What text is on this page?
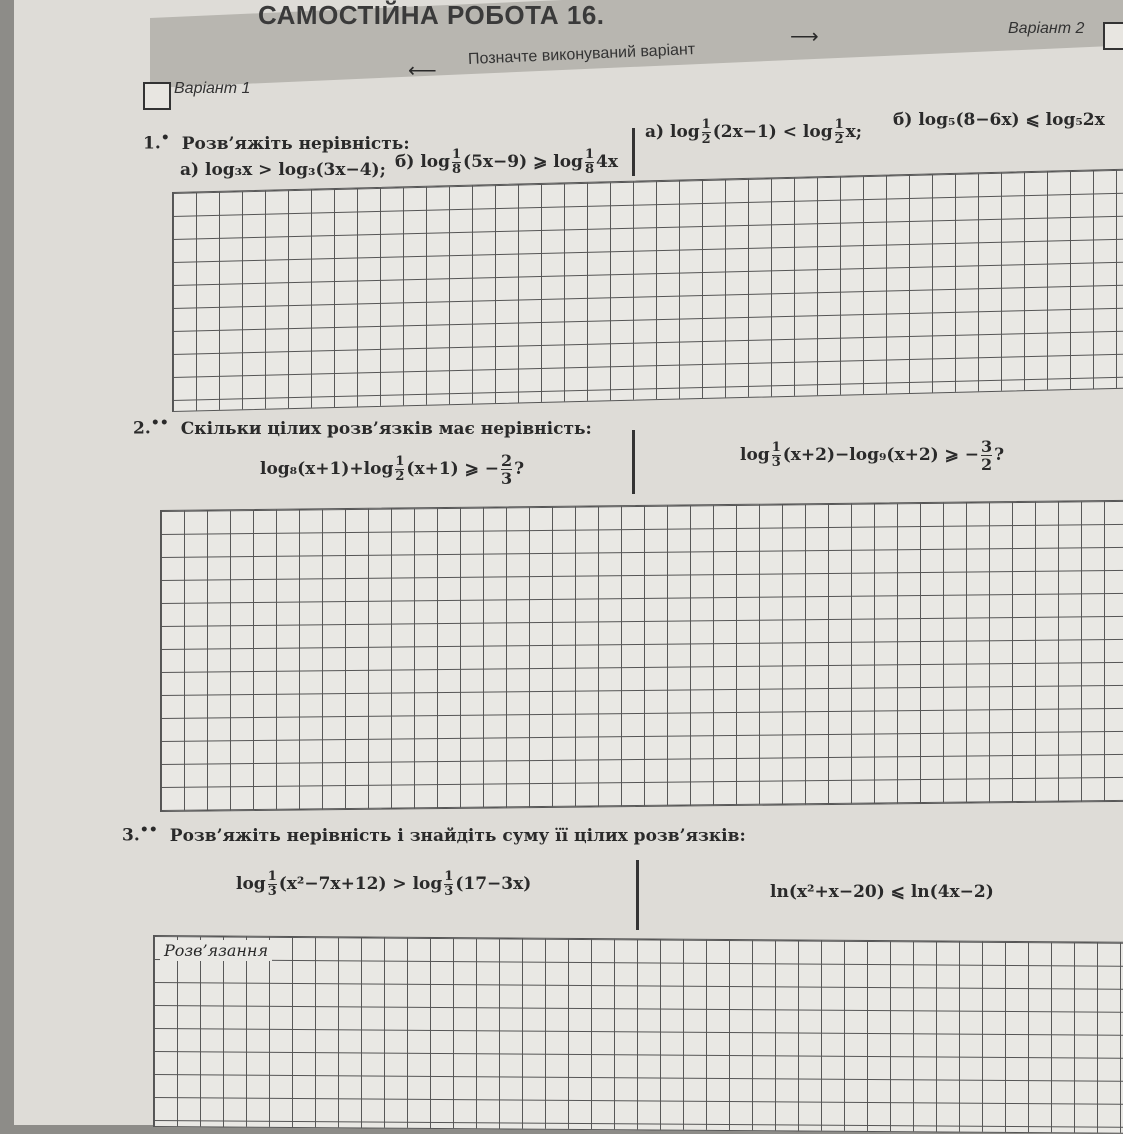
САМОСТІЙНА РОБОТА 16.
Варіант 1
⟵
Позначте виконуваний варіант
⟶	Варіант 2
1.• Розв’яжіть нерівність:
а) log₃x > log₃(3x−4); б) $\log \frac{1}{8} (5x-9)$ ⩾ $\log \frac{1}{8} 4x$
а) $\log \frac{1}{2} (2x-1) < \log \frac{1}{2} x$;
б) log₅(8−6x) ⩽ log₅2x
2.•• Скільки цілих розв’язків має нерівність:
$\log_8(x+1)+\log \frac{1}{2} (x+1)$ ⩾ − $\frac{2}{3}$ ?
$\log \frac{1}{3} (x+2)-\log_9(x+2)$ ⩾ − $\frac{3}{2}$ ?
3.•• Розв’яжіть нерівність і знайдіть суму її цілих розв’язків:
$\log \frac{1}{3} (x^2-7x+12) > \log \frac{1}{3} (17-3x)$	ln(x²+x−20) ⩽ ln(4x−2)
Розв’язання
